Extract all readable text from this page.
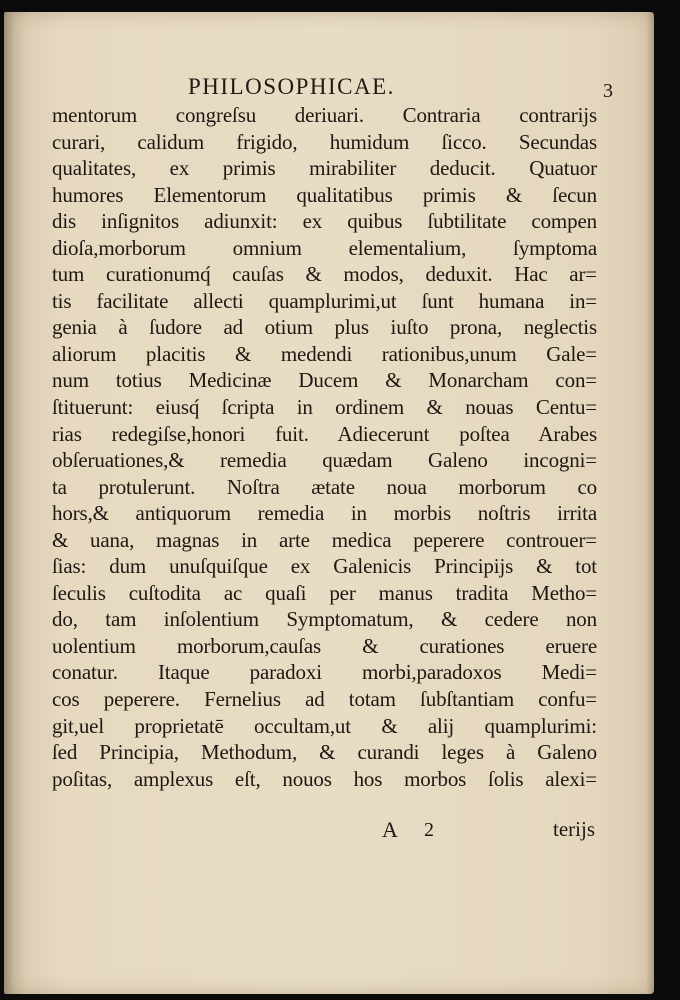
PHILOSOPHICAE.	3
mentorum congreſsu deriuari. Contraria contrarijs
curari, calidum frigido, humidum ſicco. Secundas
qualitates, ex primis mirabiliter deducit. Quatuor
humores Elementorum qualitatibus primis & ſecun
dis inſignitos adiunxit: ex quibus ſubtilitate compen
dioſa,morborum omnium elementalium, ſymptoma
tum curationumq́ cauſas & modos, deduxit. Hac ar=
tis facilitate allecti quamplurimi,ut ſunt humana in=
genia à ſudore ad otium plus iuſto prona, neglectis
aliorum placitis & medendi rationibus,unum Gale=
num totius Medicinæ Ducem & Monarcham con=
ſtituerunt: eiusq́ ſcripta in ordinem & nouas Centu=
rias redegiſse,honori fuit. Adiecerunt poſtea Arabes
obſeruationes,& remedia quædam Galeno incogni=
ta protulerunt. Noſtra ætate noua morborum co
hors,& antiquorum remedia in morbis noſtris irrita
& uana, magnas in arte medica peperere controuer=
ſias: dum unuſquiſque ex Galenicis Principijs & tot
ſeculis cuſtodita ac quaſi per manus tradita Metho=
do, tam inſolentium Symptomatum, & cedere non
uolentium morborum,cauſas & curationes eruere
conatur. Itaque paradoxi morbi,paradoxos Medi=
cos peperere. Fernelius ad totam ſubſtantiam confu=
git,uel proprietatē occultam,ut & alij quamplurimi:
ſed Principia, Methodum, & curandi leges à Galeno
poſitas, amplexus eſt, nouos hos morbos ſolis alexi=
A 2	terijs
